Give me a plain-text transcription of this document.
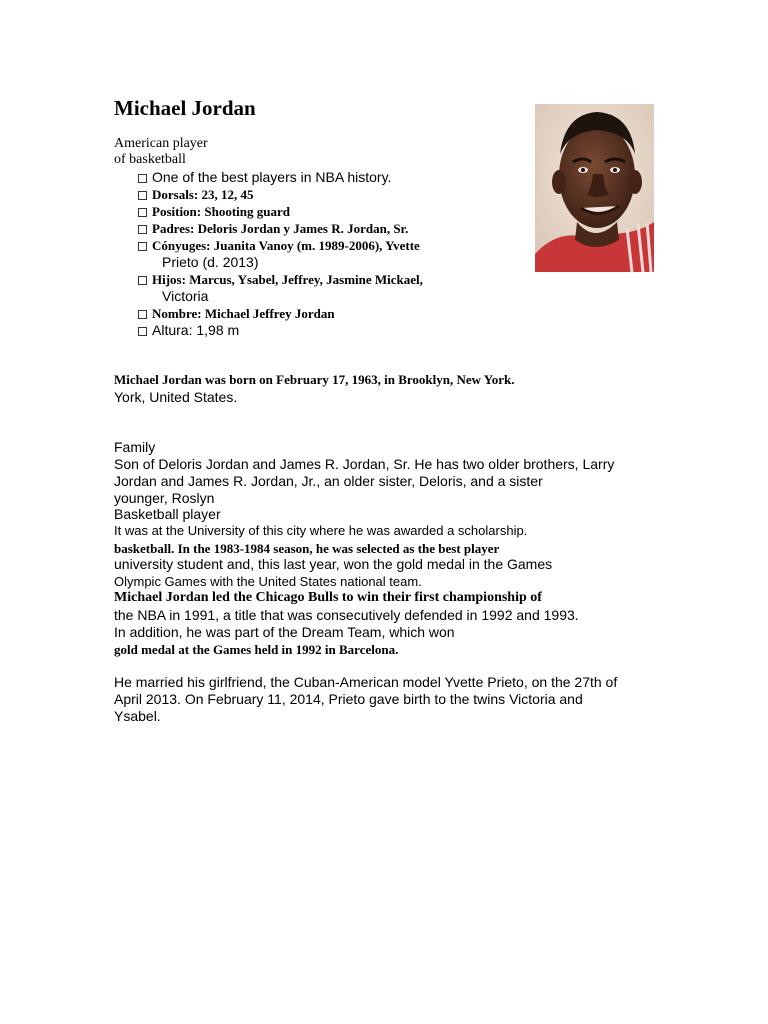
Michael Jordan
American player
of basketball
One of the best players in NBA history.
Dorsals: 23, 12, 45
Position: Shooting guard
Padres: Deloris Jordan y James R. Jordan, Sr.
Cónyuges: Juanita Vanoy (m. 1989-2006), Yvette
Prieto (d. 2013)
Hijos: Marcus, Ysabel, Jeffrey, Jasmine Mickael,
Victoria
Nombre: Michael Jeffrey Jordan
Altura: 1,98 m

Michael Jordan was born on February 17, 1963, in Brooklyn, New York.

York, United States.

Family

Son of Deloris Jordan and James R. Jordan, Sr. He has two older brothers, Larry

Jordan and James R. Jordan, Jr., an older sister, Deloris, and a sister

younger, Roslyn

Basketball player

It was at the University of this city where he was awarded a scholarship.

basketball. In the 1983-1984 season, he was selected as the best player

university student and, this last year, won the gold medal in the Games

Olympic Games with the United States national team.

Michael Jordan led the Chicago Bulls to win their first championship of

the NBA in 1991, a title that was consecutively defended in 1992 and 1993.

In addition, he was part of the Dream Team, which won

gold medal at the Games held in 1992 in Barcelona.

He married his girlfriend, the Cuban-American model Yvette Prieto, on the 27th of

April 2013. On February 11, 2014, Prieto gave birth to the twins Victoria and

Ysabel.
